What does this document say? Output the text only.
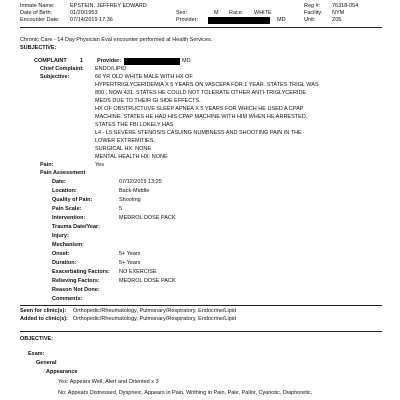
Inmate Name:	EPSTEIN, JEFFREY EDWARD
Date of Birth:	01/20/1953
Encounter Date: 07/14/2019 17:36
Sex:	M Race: WHITE
Provider:	MD
Reg #: 76318-054
Facility: NYM
Unit:	Z05
Chronic Care - 14 Day Physician Eval encounter performed at Health Services.
SUBJECTIVE:
COMPLAINT 1	Provider:	MD
Chief Complaint: ENDO/LIPID
Subjective:	66 YR OLD WHITE MALE WITH HX OF
HYPERTRIGLYCERIDEMIA X 5 YEARS ON VASCEPA FOR 1 YEAR. STATES TRIGL WAS
800 , NOW 431. STATES HE COULD NOT TOLERATE OTHER ANTI-TRIGLYCERIDE
MEDS DUE TO THEIR GI SIDE EFFECTS.
HX OF OBSTRUCTUVE SLEEP APNEA X 5 YEARS FOR WHICH HE USED A CPAP
MACHINE. STATES HE HAD HIS CPAP MACHINE WITH HIM WHEN HE ARRESTED.
STATES THE FBI LOKELY HAS
L4 - L5 SEVERE STENOSIS CASUING NUMBNESS AND SHOOTING PAIN IN THE
LOWER EXTREMITIES.
SURGICAL HX: NONE
MENTAL HEALTH HX: NONE
Pain:	Yes
Pain Assessment
Date:	07/12/2019 13:25
Location:	Back-Middle
Quality of Pain:	Shooting
Pain Scale:	5
Intervention:	MEDROL DOSE PACK
Trauma Date/Year:
Injury:
Mechanism:
Onset:	5+ Years
Duration:	5+ Years
Exacerbating Factors: NO EXERCISE
Relieving Factors:	MEDROL DOSE PACK
Reason Not Done:
Comments:
Seen for clinic(s): Orthopedic/Rheumatology, Pulmonary/Respiratory, Endocrine/Lipid
Added to clinic(s): Orthopedic/Rheumatology, Pulmonary/Respiratory, Endocrine/Lipid
OBJECTIVE:
Exam:
General
Appearance
Yes: Appears Well, Alert and Oriented x 3
No: Appears Distressed, Dyspneic, Appears in Pain, Writhing in Pain, Pale, Pallor, Cyanotic, Diaphoretic,
